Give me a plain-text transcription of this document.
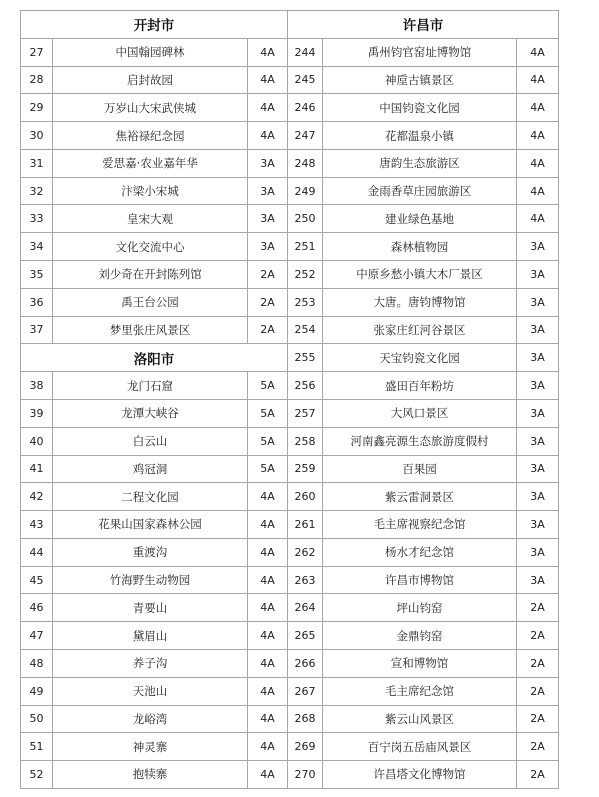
开封市
27	中国翰园碑林	4A
28	启封故园	4A
29	万岁山大宋武侠城	4A
30	焦裕禄纪念园	4A
31	爱思嘉·农业嘉年华	3A
32	汴梁小宋城	3A
33	皇宋大观	3A
34	文化交流中心	3A
35	刘少奇在开封陈列馆	2A
36	禹王台公园	2A
37	梦里张庄风景区	2A
洛阳市
38	龙门石窟	5A
39	龙潭大峡谷	5A
40	白云山	5A
41	鸡冠洞	5A
42	二程文化园	4A
43	花果山国家森林公园	4A
44	重渡沟	4A
45	竹海野生动物园	4A
46	青要山	4A
47	黛眉山	4A
48	养子沟	4A
49	天池山	4A
50	龙峪湾	4A
51	神灵寨	4A
52	抱犊寨	4A
许昌市
244	禹州钧官窑址博物馆	4A
245	神垕古镇景区	4A
246	中国钧瓷文化园	4A
247	花都温泉小镇	4A
248	唐韵生态旅游区	4A
249	金雨香草庄园旅游区	4A
250	建业绿色基地	4A
251	森林植物园	3A
252	中原乡愁小镇大木厂景区	3A
253	大唐。唐钧博物馆	3A
254	张家庄红河谷景区	3A
255	天宝钧瓷文化园	3A
256	盛田百年粉坊	3A
257	大风口景区	3A
258	河南鑫亮源生态旅游度假村	3A
259	百果园	3A
260	紫云雷洞景区	3A
261	毛主席视察纪念馆	3A
262	杨水才纪念馆	3A
263	许昌市博物馆	3A
264	坪山钧窑	2A
265	金鼎钧窑	2A
266	宣和博物馆	2A
267	毛主席纪念馆	2A
268	紫云山风景区	2A
269	百宁岗五岳庙风景区	2A
270	许昌塔文化博物馆	2A
